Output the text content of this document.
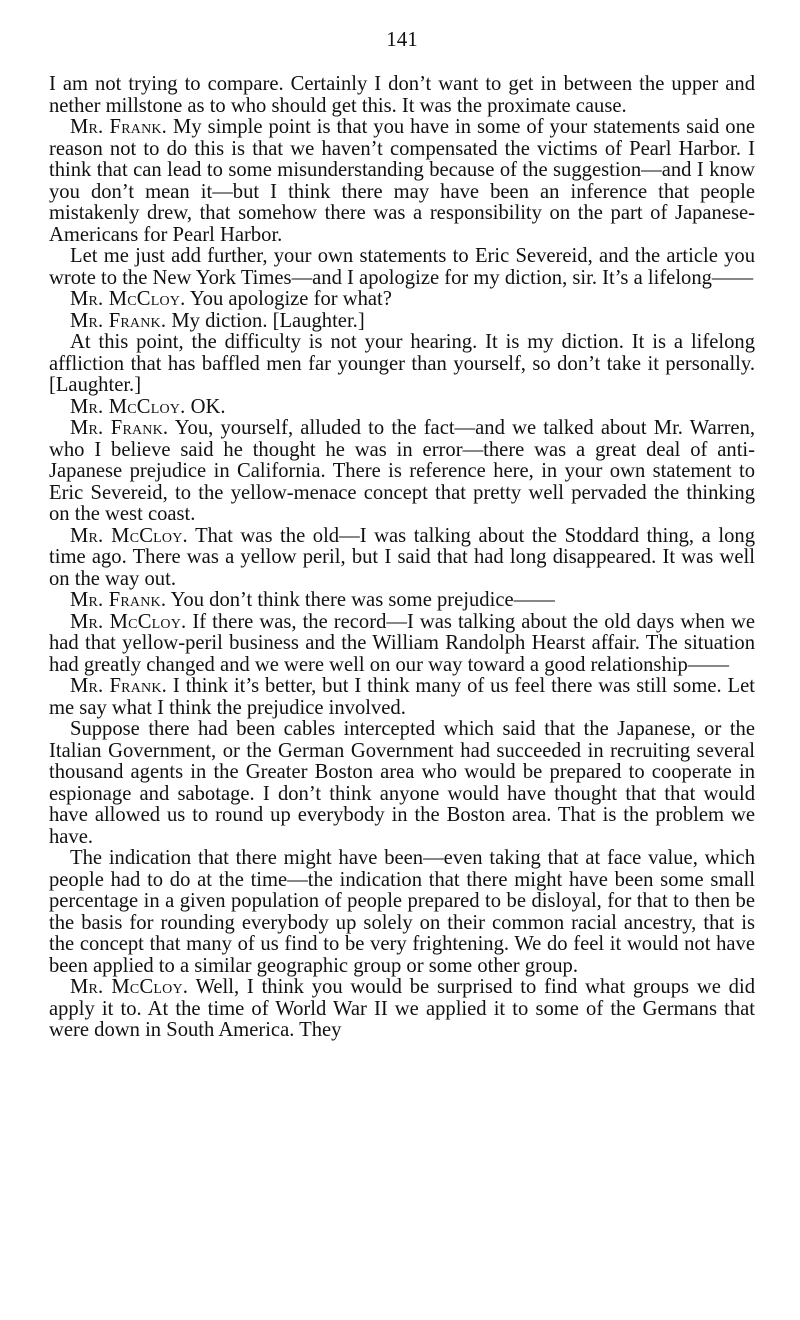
141

I am not trying to compare. Certainly I don’t want to get in between the upper and nether millstone as to who should get this. It was the proximate cause.

Mr. Frank. My simple point is that you have in some of your statements said one reason not to do this is that we haven’t compensated the victims of Pearl Harbor. I think that can lead to some misunderstanding because of the suggestion—and I know you don’t mean it—but I think there may have been an inference that people mistakenly drew, that somehow there was a responsibility on the part of Japanese-Americans for Pearl Harbor.

Let me just add further, your own statements to Eric Severeid, and the article you wrote to the New York Times—and I apologize for my diction, sir. It’s a lifelong——

Mr. McCloy. You apologize for what?

Mr. Frank. My diction. [Laughter.]

At this point, the difficulty is not your hearing. It is my diction. It is a lifelong affliction that has baffled men far younger than yourself, so don’t take it personally. [Laughter.]

Mr. McCloy. OK.

Mr. Frank. You, yourself, alluded to the fact—and we talked about Mr. Warren, who I believe said he thought he was in error—there was a great deal of anti-Japanese prejudice in California. There is reference here, in your own statement to Eric Severeid, to the yellow-menace concept that pretty well pervaded the thinking on the west coast.

Mr. McCloy. That was the old—I was talking about the Stoddard thing, a long time ago. There was a yellow peril, but I said that had long disappeared. It was well on the way out.

Mr. Frank. You don’t think there was some prejudice——

Mr. McCloy. If there was, the record—I was talking about the old days when we had that yellow-peril business and the William Randolph Hearst affair. The situation had greatly changed and we were well on our way toward a good relationship——

Mr. Frank. I think it’s better, but I think many of us feel there was still some. Let me say what I think the prejudice involved.

Suppose there had been cables intercepted which said that the Japanese, or the Italian Government, or the German Government had succeeded in recruiting several thousand agents in the Greater Boston area who would be prepared to cooperate in espionage and sabotage. I don’t think anyone would have thought that that would have allowed us to round up everybody in the Boston area. That is the problem we have.

The indication that there might have been—even taking that at face value, which people had to do at the time—the indication that there might have been some small percentage in a given population of people prepared to be disloyal, for that to then be the basis for rounding everybody up solely on their common racial ancestry, that is the concept that many of us find to be very frightening. We do feel it would not have been applied to a similar geographic group or some other group.

Mr. McCloy. Well, I think you would be surprised to find what groups we did apply it to. At the time of World War II we applied it to some of the Germans that were down in South America. They
